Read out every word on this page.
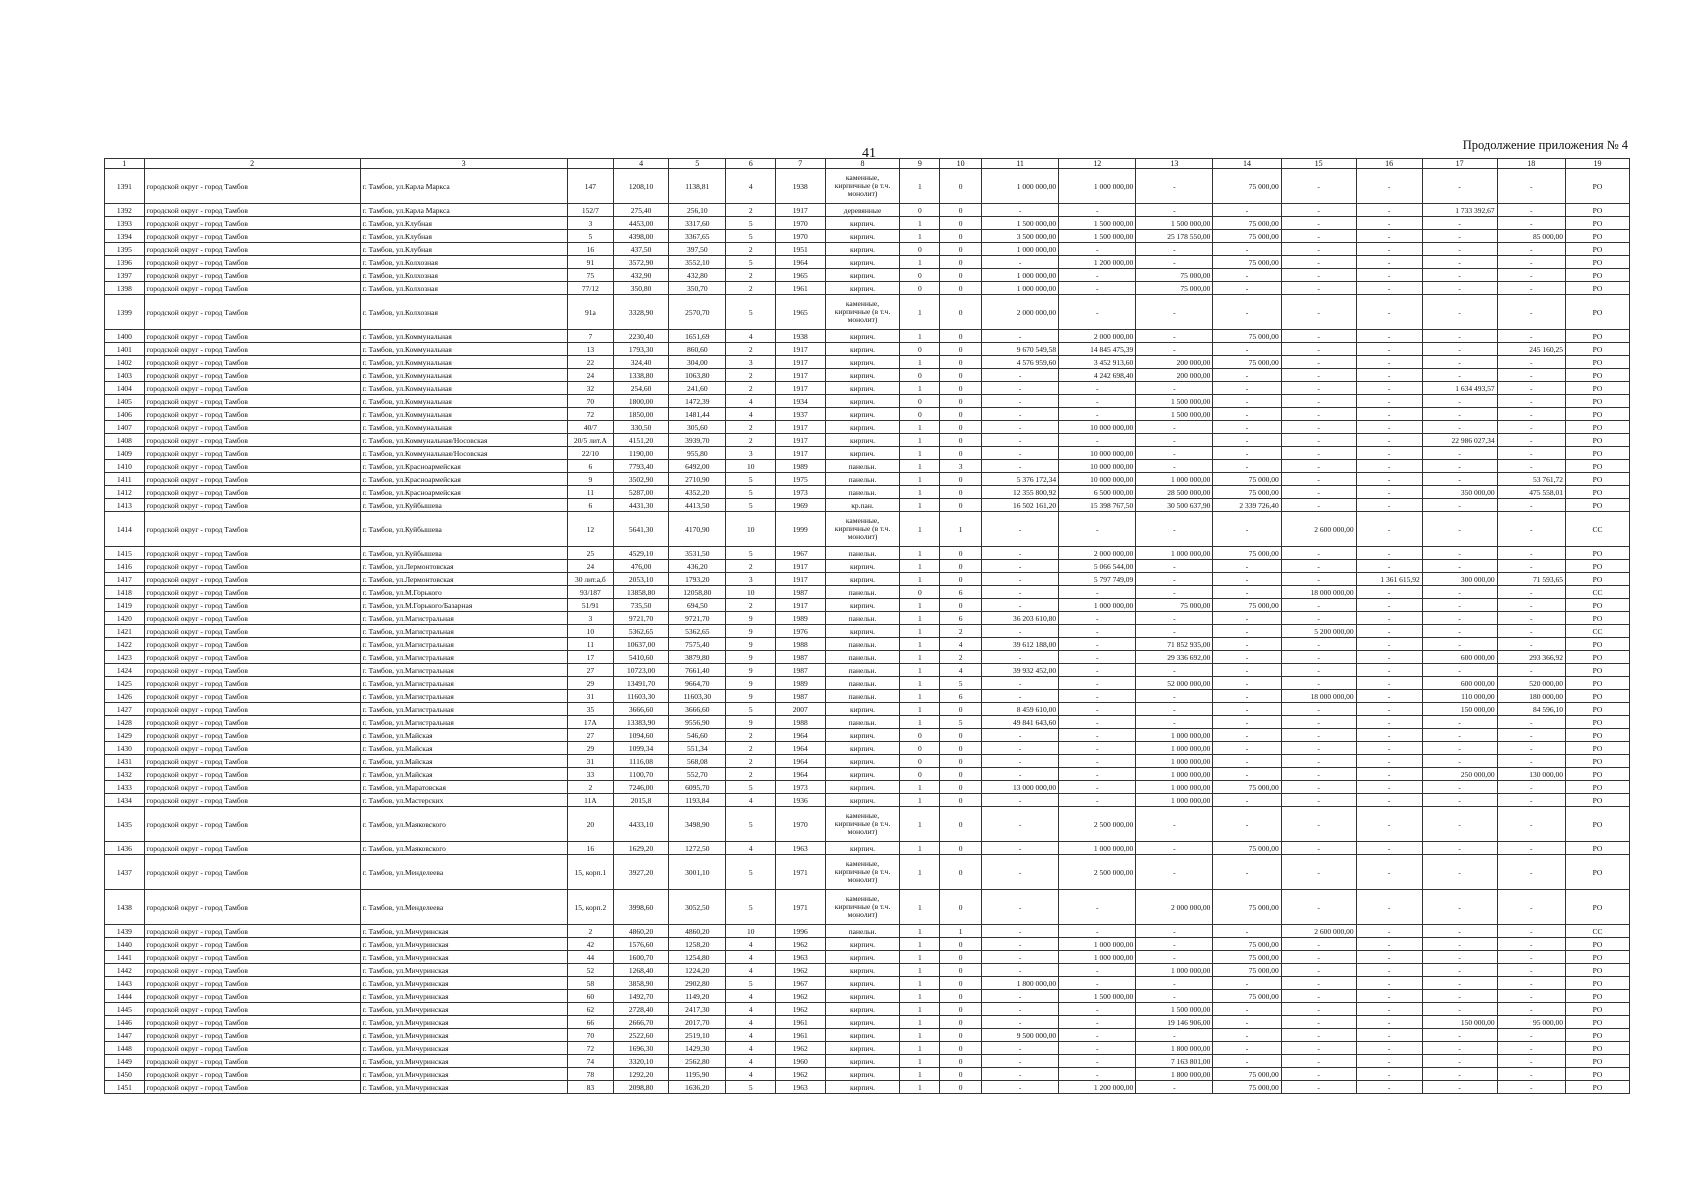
41
Продолжение приложения № 4
1	2	3		4	5	6	7	8	9	10	11	12	13	14	15	16	17	18	19
1391	городской округ - город Тамбов	г. Тамбов, ул.Карла Маркса	147	1208,10	1138,81	4	1938	каменные, кирпичные (в т.ч. монолит)	1	0	1 000 000,00	1 000 000,00	-	75 000,00	-	-	-	-	РО
1392	городской округ - город Тамбов	г. Тамбов, ул.Карла Маркса	152/7	275,40	256,10	2	1917	деревянные	0	0	-	-	-	-	-	-	1 733 392,67	-	РО
1393	городской округ - город Тамбов	г. Тамбов, ул.Клубная	3	4453,00	3317,60	5	1970	кирпич.	1	0	1 500 000,00	1 500 000,00	1 500 000,00	75 000,00	-	-	-	-	РО
1394	городской округ - город Тамбов	г. Тамбов, ул.Клубная	5	4398,00	3367,65	5	1970	кирпич.	1	0	3 500 000,00	1 500 000,00	25 178 550,00	75 000,00	-	-	-	85 000,00	РО
1395	городской округ - город Тамбов	г. Тамбов, ул.Клубная	16	437,50	397,50	2	1951	кирпич.	0	0	1 000 000,00	-	-	-	-	-	-	-	РО
1396	городской округ - город Тамбов	г. Тамбов, ул.Колхозная	91	3572,90	3552,10	5	1964	кирпич.	1	0	-	1 200 000,00	-	75 000,00	-	-	-	-	РО
1397	городской округ - город Тамбов	г. Тамбов, ул.Колхозная	75	432,90	432,80	2	1965	кирпич.	0	0	1 000 000,00	-	75 000,00	-	-	-	-	-	РО
1398	городской округ - город Тамбов	г. Тамбов, ул.Колхозная	77/12	350,80	350,70	2	1961	кирпич.	0	0	1 000 000,00	-	75 000,00	-	-	-	-	-	РО
1399	городской округ - город Тамбов	г. Тамбов, ул.Колхозная	91а	3328,90	2570,70	5	1965	каменные, кирпичные (в т.ч. монолит)	1	0	2 000 000,00	-	-	-	-	-	-	-	РО
1400	городской округ - город Тамбов	г. Тамбов, ул.Коммунальная	7	2230,40	1651,69	4	1938	кирпич.	1	0	-	2 000 000,00	-	75 000,00	-	-	-	-	РО
1401	городской округ - город Тамбов	г. Тамбов, ул.Коммунальная	13	1793,30	860,60	2	1917	кирпич.	0	0	9 670 549,58	14 845 475,39	-	-	-	-	-	245 160,25	РО
1402	городской округ - город Тамбов	г. Тамбов, ул.Коммунальная	22	324,40	304,00	3	1917	кирпич.	1	0	4 576 959,60	3 452 913,60	200 000,00	75 000,00	-	-	-	-	РО
1403	городской округ - город Тамбов	г. Тамбов, ул.Коммунальная	24	1338,80	1063,80	2	1917	кирпич.	0	0	-	4 242 698,40	200 000,00	-	-	-	-	-	РО
1404	городской округ - город Тамбов	г. Тамбов, ул.Коммунальная	32	254,60	241,60	2	1917	кирпич.	1	0	-	-	-	-	-	-	1 634 493,57	-	РО
1405	городской округ - город Тамбов	г. Тамбов, ул.Коммунальная	70	1800,00	1472,39	4	1934	кирпич.	0	0	-	-	1 500 000,00	-	-	-	-	-	РО
1406	городской округ - город Тамбов	г. Тамбов, ул.Коммунальная	72	1850,00	1481,44	4	1937	кирпич.	0	0	-	-	1 500 000,00	-	-	-	-	-	РО
1407	городской округ - город Тамбов	г. Тамбов, ул.Коммунальная	40/7	330,50	305,60	2	1917	кирпич.	1	0	-	10 000 000,00	-	-	-	-	-	-	РО
1408	городской округ - город Тамбов	г. Тамбов, ул.Коммунальная/Носовская	20/5 лит.А	4151,20	3939,70	2	1917	кирпич.	1	0	-	-	-	-	-	-	22 986 027,34	-	РО
1409	городской округ - город Тамбов	г. Тамбов, ул.Коммунальная/Носовская	22/10	1190,00	955,80	3	1917	кирпич.	1	0	-	10 000 000,00	-	-	-	-	-	-	РО
1410	городской округ - город Тамбов	г. Тамбов, ул.Красноармейская	6	7793,40	6492,00	10	1989	панельн.	1	3	-	10 000 000,00	-	-	-	-	-	-	РО
1411	городской округ - город Тамбов	г. Тамбов, ул.Красноармейская	9	3502,90	2710,90	5	1975	панельн.	1	0	5 376 172,34	10 000 000,00	1 000 000,00	75 000,00	-	-	-	53 761,72	РО
1412	городской округ - город Тамбов	г. Тамбов, ул.Красноармейская	11	5287,00	4352,20	5	1973	панельн.	1	0	12 355 800,92	6 500 000,00	28 500 000,00	75 000,00	-	-	350 000,00	475 558,01	РО
1413	городской округ - город Тамбов	г. Тамбов, ул.Куйбышева	6	4431,30	4413,50	5	1969	кр.пан.	1	0	16 502 161,20	15 398 767,50	30 500 637,90	2 339 726,40	-	-	-	-	РО
1414	городской округ - город Тамбов	г. Тамбов, ул.Куйбышева	12	5641,30	4170,90	10	1999	каменные, кирпичные (в т.ч. монолит)	1	1	-	-	-	-	2 600 000,00	-	-	-	СС
1415	городской округ - город Тамбов	г. Тамбов, ул.Куйбышева	25	4529,10	3531,50	5	1967	панельн.	1	0	-	2 000 000,00	1 000 000,00	75 000,00	-	-	-	-	РО
1416	городской округ - город Тамбов	г. Тамбов, ул.Лермонтовская	24	476,00	436,20	2	1917	кирпич.	1	0	-	5 066 544,00	-	-	-	-	-	-	РО
1417	городской округ - город Тамбов	г. Тамбов, ул.Лермонтовская	30 лит.а,б	2053,10	1793,20	3	1917	кирпич.	1	0	-	5 797 749,09	-	-	-	1 361 615,92	300 000,00	71 593,65	РО
1418	городской округ - город Тамбов	г. Тамбов, ул.М.Горького	93/187	13858,80	12058,80	10	1987	панельн.	0	6	-	-	-	-	18 000 000,00	-	-	-	СС
1419	городской округ - город Тамбов	г. Тамбов, ул.М.Горького/Базарная	51/91	735,50	694,50	2	1917	кирпич.	1	0	-	1 000 000,00	75 000,00	75 000,00	-	-	-	-	РО
1420	городской округ - город Тамбов	г. Тамбов, ул.Магистральная	3	9721,70	9721,70	9	1989	панельн.	1	6	36 203 610,80	-	-	-	-	-	-	-	РО
1421	городской округ - город Тамбов	г. Тамбов, ул.Магистральная	10	5362,65	5362,65	9	1976	кирпич.	1	2	-	-	-	-	5 200 000,00	-	-	-	СС
1422	городской округ - город Тамбов	г. Тамбов, ул.Магистральная	11	10637,00	7575,40	9	1988	панельн.	1	4	39 612 188,00	-	71 852 935,00	-	-	-	-	-	РО
1423	городской округ - город Тамбов	г. Тамбов, ул.Магистральная	17	5410,60	3879,80	9	1987	панельн.	1	2	-	-	29 336 692,00	-	-	-	600 000,00	293 366,92	РО
1424	городской округ - город Тамбов	г. Тамбов, ул.Магистральная	27	10723,00	7661,40	9	1987	панельн.	1	4	39 932 452,00	-	-	-	-	-	-	-	РО
1425	городской округ - город Тамбов	г. Тамбов, ул.Магистральная	29	13491,70	9664,70	9	1989	панельн.	1	5	-	-	52 000 000,00	-	-	-	600 000,00	520 000,00	РО
1426	городской округ - город Тамбов	г. Тамбов, ул.Магистральная	31	11603,30	11603,30	9	1987	панельн.	1	6	-	-	-	-	18 000 000,00	-	110 000,00	180 000,00	РО
1427	городской округ - город Тамбов	г. Тамбов, ул.Магистральная	35	3666,60	3666,60	5	2007	кирпич.	1	0	8 459 610,00	-	-	-	-	-	150 000,00	84 596,10	РО
1428	городской округ - город Тамбов	г. Тамбов, ул.Магистральная	17А	13383,90	9556,90	9	1988	панельн.	1	5	49 841 643,60	-	-	-	-	-	-	-	РО
1429	городской округ - город Тамбов	г. Тамбов, ул.Майская	27	1094,60	546,60	2	1964	кирпич.	0	0	-	-	1 000 000,00	-	-	-	-	-	РО
1430	городской округ - город Тамбов	г. Тамбов, ул.Майская	29	1099,34	551,34	2	1964	кирпич.	0	0	-	-	1 000 000,00	-	-	-	-	-	РО
1431	городской округ - город Тамбов	г. Тамбов, ул.Майская	31	1116,08	568,08	2	1964	кирпич.	0	0	-	-	1 000 000,00	-	-	-	-	-	РО
1432	городской округ - город Тамбов	г. Тамбов, ул.Майская	33	1100,70	552,70	2	1964	кирпич.	0	0	-	-	1 000 000,00	-	-	-	250 000,00	130 000,00	РО
1433	городской округ - город Тамбов	г. Тамбов, ул.Маратовская	2	7246,00	6095,70	5	1973	кирпич.	1	0	13 000 000,00	-	1 000 000,00	75 000,00	-	-	-	-	РО
1434	городской округ - город Тамбов	г. Тамбов, ул.Мастерских	11А	2015,8	1193,84	4	1936	кирпич.	1	0	-	-	1 000 000,00	-	-	-	-	-	РО
1435	городской округ - город Тамбов	г. Тамбов, ул.Маяковского	20	4433,10	3498,90	5	1970	каменные, кирпичные (в т.ч. монолит)	1	0	-	2 500 000,00	-	-	-	-	-	-	РО
1436	городской округ - город Тамбов	г. Тамбов, ул.Маяковского	16	1629,20	1272,50	4	1963	кирпич.	1	0	-	1 000 000,00	-	75 000,00	-	-	-	-	РО
1437	городской округ - город Тамбов	г. Тамбов, ул.Менделеева	15, корп.1	3927,20	3001,10	5	1971	каменные, кирпичные (в т.ч. монолит)	1	0	-	2 500 000,00	-	-	-	-	-	-	РО
1438	городской округ - город Тамбов	г. Тамбов, ул.Менделеева	15, корп.2	3998,60	3052,50	5	1971	каменные, кирпичные (в т.ч. монолит)	1	0	-	-	2 000 000,00	75 000,00	-	-	-	-	РО
1439	городской округ - город Тамбов	г. Тамбов, ул.Мичуринская	2	4860,20	4860,20	10	1996	панельн.	1	1	-	-	-	-	2 600 000,00	-	-	-	СС
1440	городской округ - город Тамбов	г. Тамбов, ул.Мичуринская	42	1576,60	1258,20	4	1962	кирпич.	1	0	-	1 000 000,00	-	75 000,00	-	-	-	-	РО
1441	городской округ - город Тамбов	г. Тамбов, ул.Мичуринская	44	1600,70	1254,80	4	1963	кирпич.	1	0	-	1 000 000,00	-	75 000,00	-	-	-	-	РО
1442	городской округ - город Тамбов	г. Тамбов, ул.Мичуринская	52	1268,40	1224,20	4	1962	кирпич.	1	0	-	-	1 000 000,00	75 000,00	-	-	-	-	РО
1443	городской округ - город Тамбов	г. Тамбов, ул.Мичуринская	58	3858,90	2902,80	5	1967	кирпич.	1	0	1 800 000,00	-	-	-	-	-	-	-	РО
1444	городской округ - город Тамбов	г. Тамбов, ул.Мичуринская	60	1492,70	1149,20	4	1962	кирпич.	1	0	-	1 500 000,00	-	75 000,00	-	-	-	-	РО
1445	городской округ - город Тамбов	г. Тамбов, ул.Мичуринская	62	2728,40	2417,30	4	1962	кирпич.	1	0	-	-	1 500 000,00	-	-	-	-	-	РО
1446	городской округ - город Тамбов	г. Тамбов, ул.Мичуринская	66	2666,70	2017,70	4	1961	кирпич.	1	0	-	-	19 146 906,00	-	-	-	150 000,00	95 000,00	РО
1447	городской округ - город Тамбов	г. Тамбов, ул.Мичуринская	70	2522,60	2519,10	4	1961	кирпич.	1	0	9 500 000,00	-	-	-	-	-	-	-	РО
1448	городской округ - город Тамбов	г. Тамбов, ул.Мичуринская	72	1696,30	1429,30	4	1962	кирпич.	1	0	-	-	1 800 000,00	-	-	-	-	-	РО
1449	городской округ - город Тамбов	г. Тамбов, ул.Мичуринская	74	3320,10	2562,80	4	1960	кирпич.	1	0	-	-	7 163 801,00	-	-	-	-	-	РО
1450	городской округ - город Тамбов	г. Тамбов, ул.Мичуринская	78	1292,20	1195,90	4	1962	кирпич.	1	0	-	-	1 800 000,00	75 000,00	-	-	-	-	РО
1451	городской округ - город Тамбов	г. Тамбов, ул.Мичуринская	83	2098,80	1636,20	5	1963	кирпич.	1	0	-	1 200 000,00	-	75 000,00	-	-	-	-	РО
